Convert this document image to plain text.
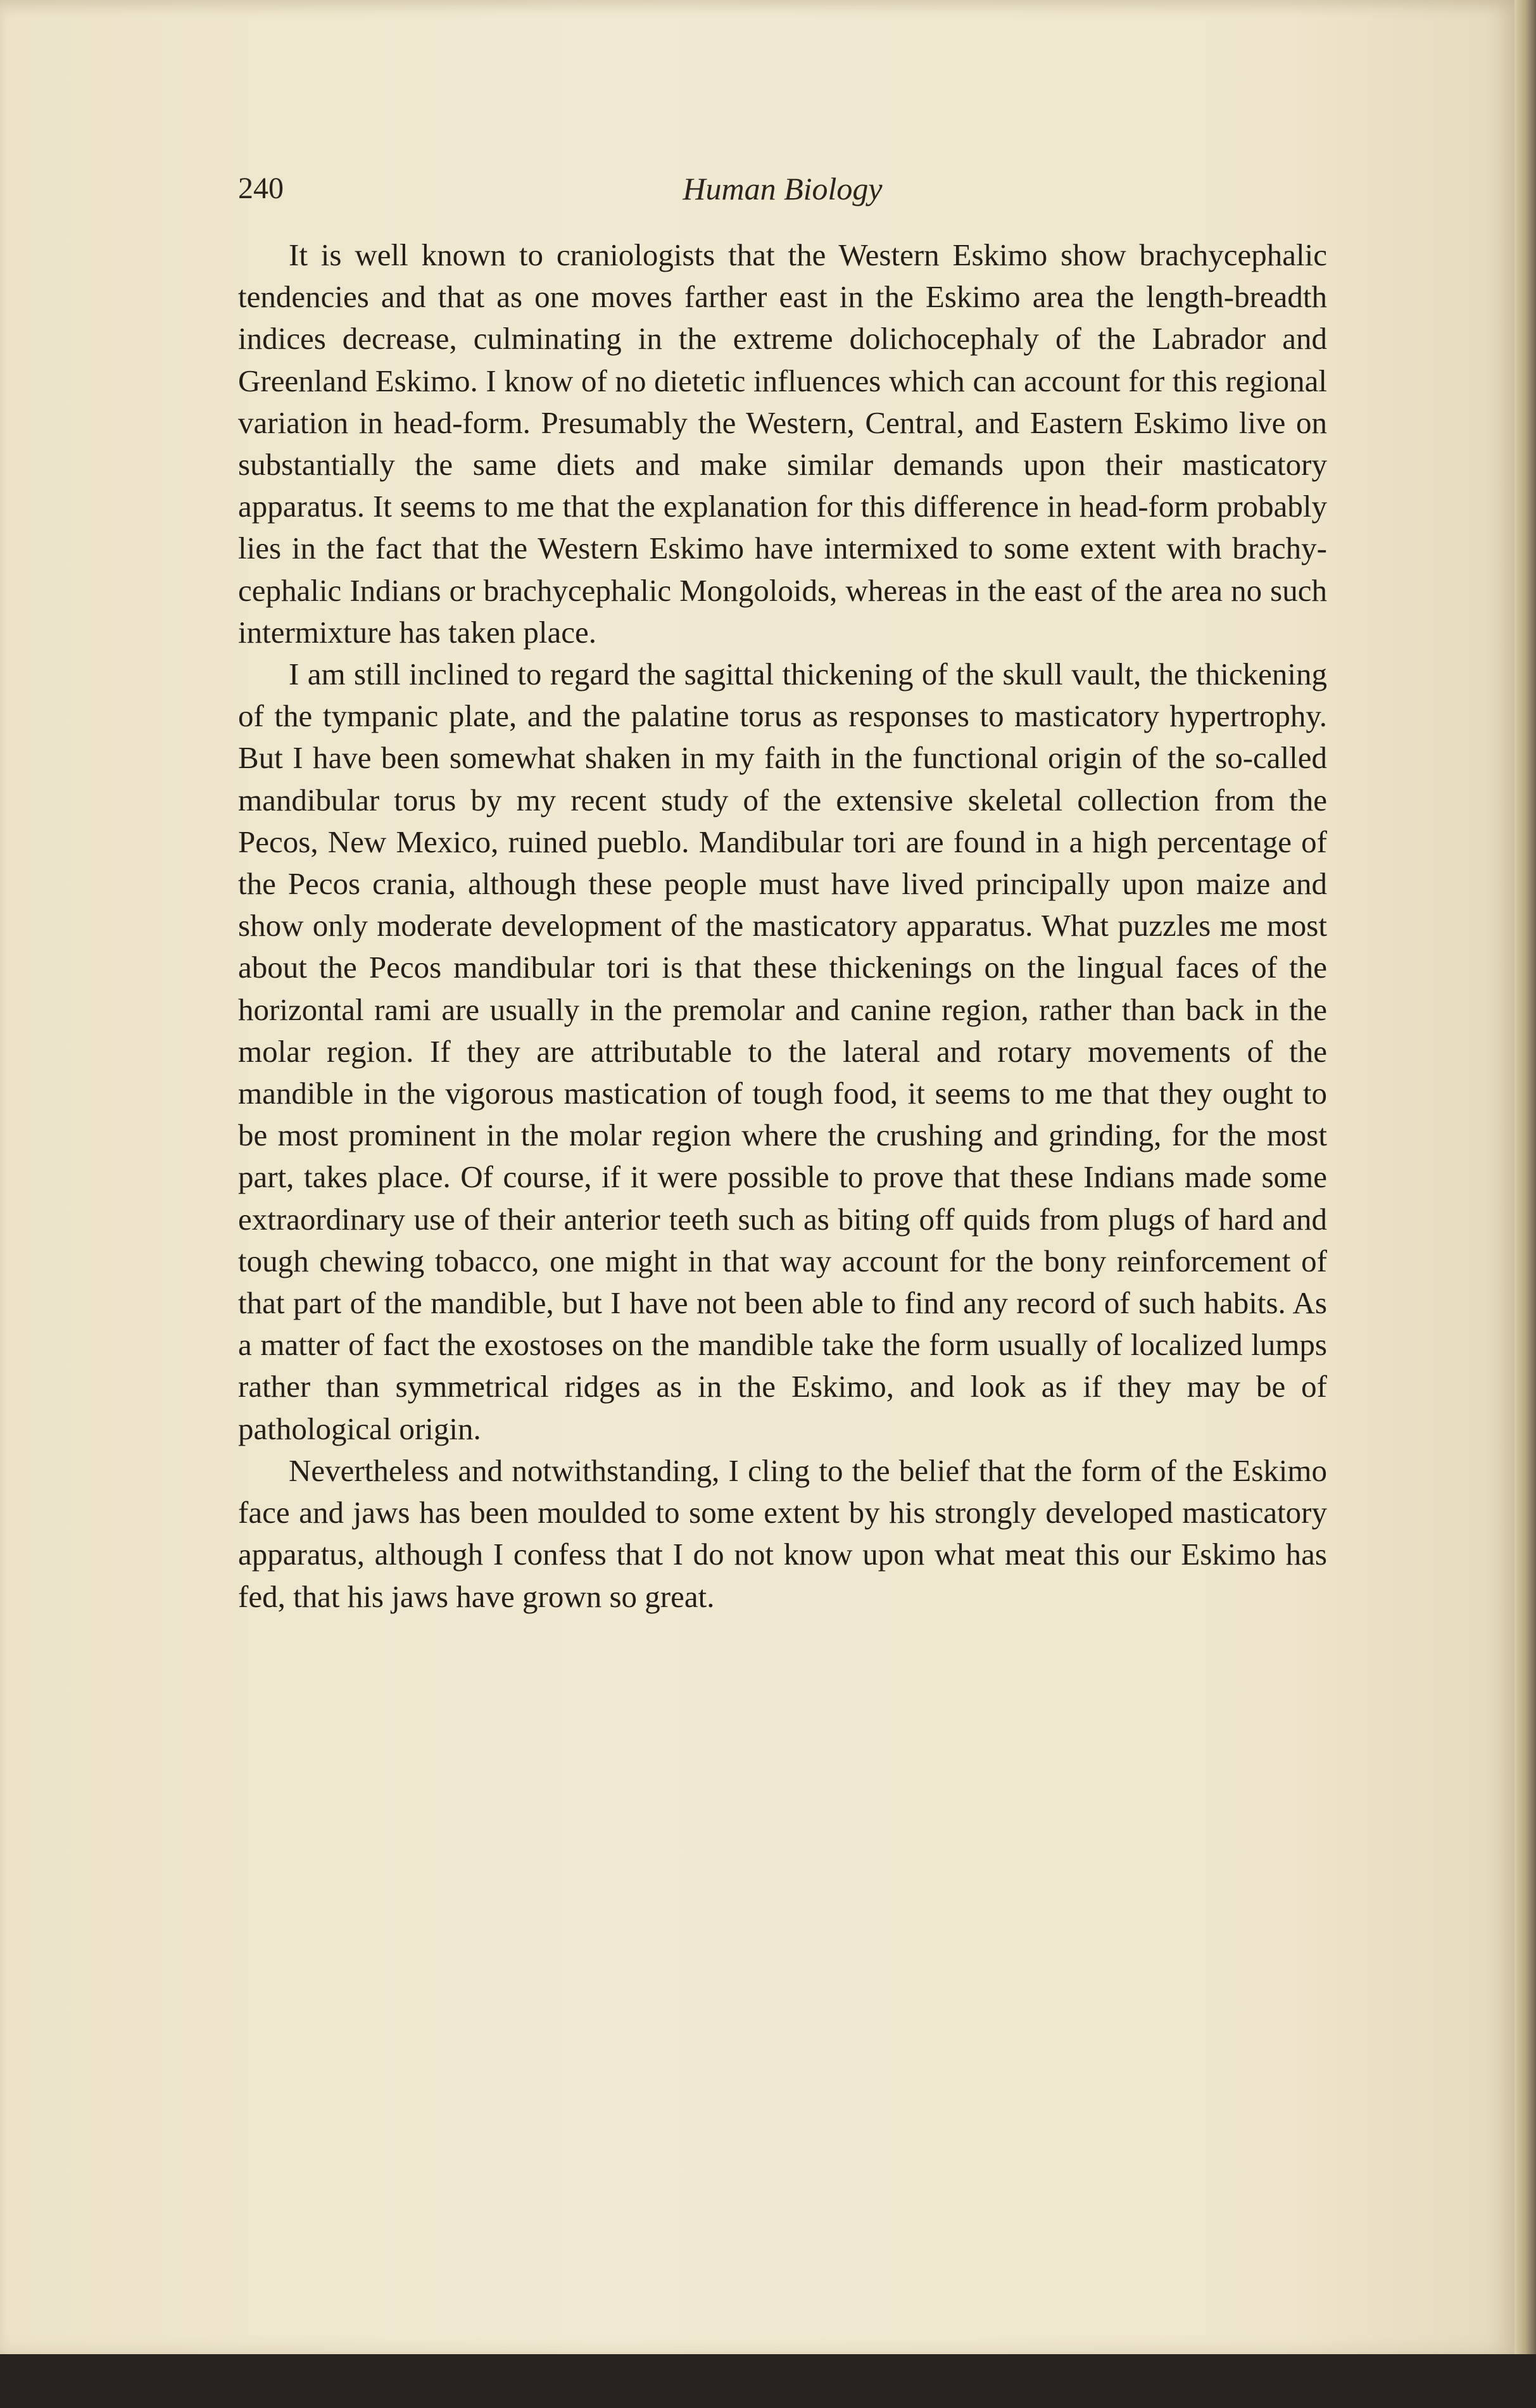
240	Human Biology

It is well known to craniologists that the Western Eskimo show brachycephalic tendencies and that as one moves farther east in the Eskimo area the length-breadth indices decrease, culminating in the extreme dolichocephaly of the Labrador and Greenland Eskimo. I know of no dietetic influences which can account for this regional variation in head-form. Presumably the Western, Central, and Eastern Eskimo live on substantially the same diets and make similar demands upon their masticatory apparatus. It seems to me that the explanation for this difference in head-form probably lies in the fact that the Western Eskimo have intermixed to some extent with brachycephalic Indians or brachycephalic Mongoloids, whereas in the east of the area no such intermixture has taken place.

I am still inclined to regard the sagittal thickening of the skull vault, the thickening of the tympanic plate, and the palatine torus as responses to masticatory hypertrophy. But I have been somewhat shaken in my faith in the functional origin of the so-called mandibular torus by my recent study of the extensive skeletal collection from the Pecos, New Mexico, ruined pueblo. Mandibular tori are found in a high percentage of the Pecos crania, although these people must have lived principally upon maize and show only moderate development of the masticatory apparatus. What puzzles me most about the Pecos mandibular tori is that these thickenings on the lingual faces of the horizontal rami are usually in the premolar and canine region, rather than back in the molar region. If they are attributable to the lateral and rotary movements of the mandible in the vigorous mastication of tough food, it seems to me that they ought to be most prominent in the molar region where the crushing and grinding, for the most part, takes place. Of course, if it were possible to prove that these Indians made some extraordinary use of their anterior teeth such as biting off quids from plugs of hard and tough chewing tobacco, one might in that way account for the bony reinforcement of that part of the mandible, but I have not been able to find any record of such habits. As a matter of fact the exostoses on the mandible take the form usually of localized lumps rather than symmetrical ridges as in the Eskimo, and look as if they may be of pathological origin.

Nevertheless and notwithstanding, I cling to the belief that the form of the Eskimo face and jaws has been moulded to some extent by his strongly developed masticatory apparatus, although I confess that I do not know upon what meat this our Eskimo has fed, that his jaws have grown so great.
